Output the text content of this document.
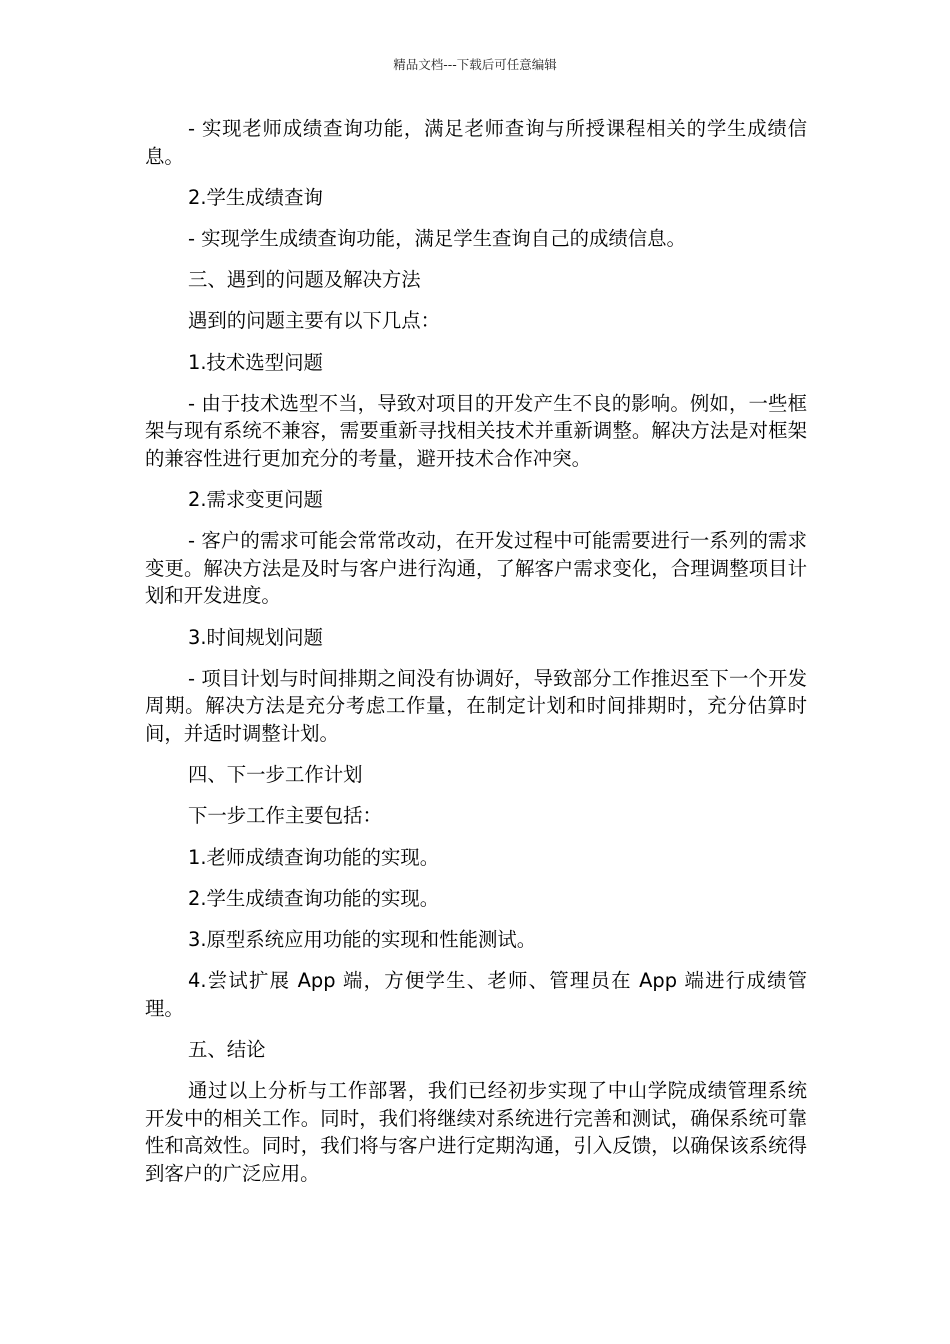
精品文档---下载后可任意编辑

- 实现老师成绩查询功能，满足老师查询与所授课程相关的学生成绩信息。

2.学生成绩查询

- 实现学生成绩查询功能，满足学生查询自己的成绩信息。

三、遇到的问题及解决方法

遇到的问题主要有以下几点：

1.技术选型问题

- 由于技术选型不当，导致对项目的开发产生不良的影响。例如，一些框架与现有系统不兼容，需要重新寻找相关技术并重新调整。解决方法是对框架的兼容性进行更加充分的考量，避开技术合作冲突。

2.需求变更问题

- 客户的需求可能会常常改动，在开发过程中可能需要进行一系列的需求变更。解决方法是及时与客户进行沟通，了解客户需求变化，合理调整项目计划和开发进度。

3.时间规划问题

- 项目计划与时间排期之间没有协调好，导致部分工作推迟至下一个开发周期。解决方法是充分考虑工作量，在制定计划和时间排期时，充分估算时间，并适时调整计划。

四、下一步工作计划

下一步工作主要包括：

1.老师成绩查询功能的实现。

2.学生成绩查询功能的实现。

3.原型系统应用功能的实现和性能测试。

4.尝试扩展 App 端，方便学生、老师、管理员在 App 端进行成绩管理。

五、结论

通过以上分析与工作部署，我们已经初步实现了中山学院成绩管理系统开发中的相关工作。同时，我们将继续对系统进行完善和测试，确保系统可靠性和高效性。同时，我们将与客户进行定期沟通，引入反馈，以确保该系统得到客户的广泛应用。
